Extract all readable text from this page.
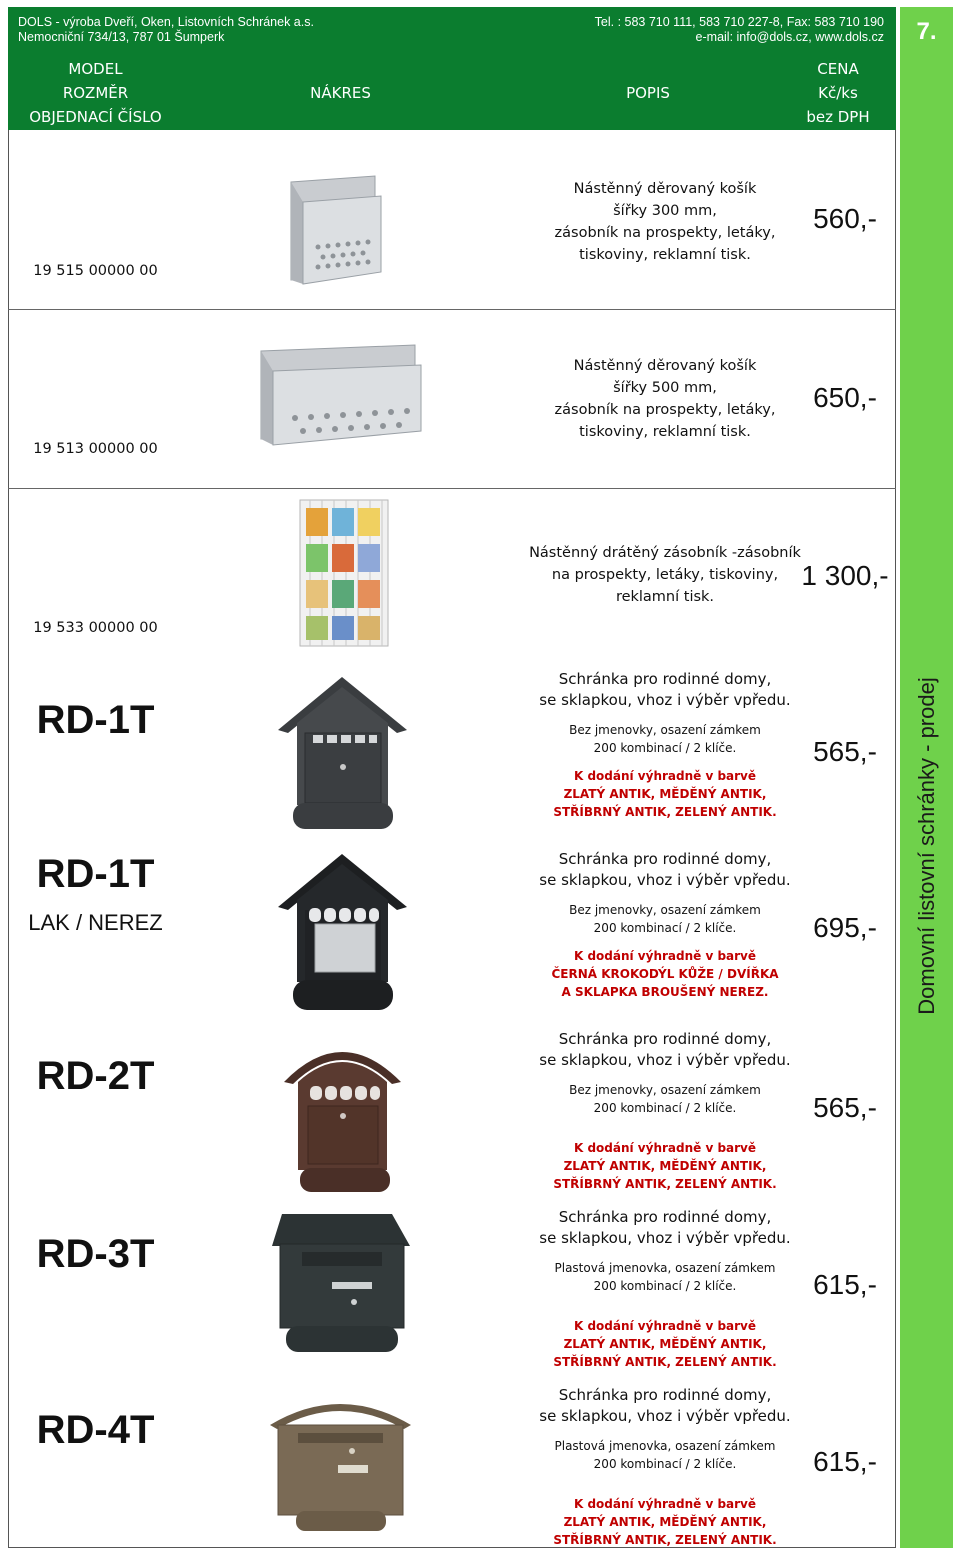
DOLS - výroba Dveří, Oken, Listovních Schránek a.s.
Nemocniční 734/13, 787 01 Šumperk
Tel. : 583 710 111, 583 710 227-8, Fax: 583 710 190
e-mail: info@dols.cz, www.dols.cz	7.
MODEL
ROZMĚR
OBJEDNACÍ ČÍSLO
NÁKRES	POPIS
CENA
Kč/ks
bez DPH
Domovní listovní schránky - prodej
19 515 00000 00
Nástěnný děrovaný košík
šířky 300 mm,
zásobník na prospekty, letáky,
tiskoviny, reklamní tisk.
560,-
19 513 00000 00
Nástěnný děrovaný košík
šířky 500 mm,
zásobník na prospekty, letáky,
tiskoviny, reklamní tisk.
650,-
19 533 00000 00
Nástěnný drátěný zásobník -zásobník
na prospekty, letáky, tiskoviny,
reklamní tisk.
1 300,-
RD-1T
Schránka pro rodinné domy,
se sklapkou, vhoz i výběr vpředu.
Bez jmenovky, osazení zámkem
200 kombinací / 2 klíče.
K dodání výhradně v barvě
ZLATÝ ANTIK, MĚDĚNÝ ANTIK,
STŘÍBRNÝ ANTIK, ZELENÝ ANTIK.
565,-
RD-1T
LAK / NEREZ
Schránka pro rodinné domy,
se sklapkou, vhoz i výběr vpředu.
Bez jmenovky, osazení zámkem
200 kombinací / 2 klíče.
K dodání výhradně v barvě
ČERNÁ KROKODÝL KŮŽE / DVÍŘKA
A SKLAPKA BROUŠENÝ NEREZ.
695,-
RD-2T
Schránka pro rodinné domy,
se sklapkou, vhoz i výběr vpředu.
Bez jmenovky, osazení zámkem
200 kombinací / 2 klíče.
K dodání výhradně v barvě
ZLATÝ ANTIK, MĚDĚNÝ ANTIK,
STŘÍBRNÝ ANTIK, ZELENÝ ANTIK.
565,-
RD-3T
Schránka pro rodinné domy,
se sklapkou, vhoz i výběr vpředu.
Plastová jmenovka, osazení zámkem
200 kombinací / 2 klíče.
K dodání výhradně v barvě
ZLATÝ ANTIK, MĚDĚNÝ ANTIK,
STŘÍBRNÝ ANTIK, ZELENÝ ANTIK.
615,-
RD-4T
Schránka pro rodinné domy,
se sklapkou, vhoz i výběr vpředu.
Plastová jmenovka, osazení zámkem
200 kombinací / 2 klíče.
K dodání výhradně v barvě
ZLATÝ ANTIK, MĚDĚNÝ ANTIK,
STŘÍBRNÝ ANTIK, ZELENÝ ANTIK.
615,-
